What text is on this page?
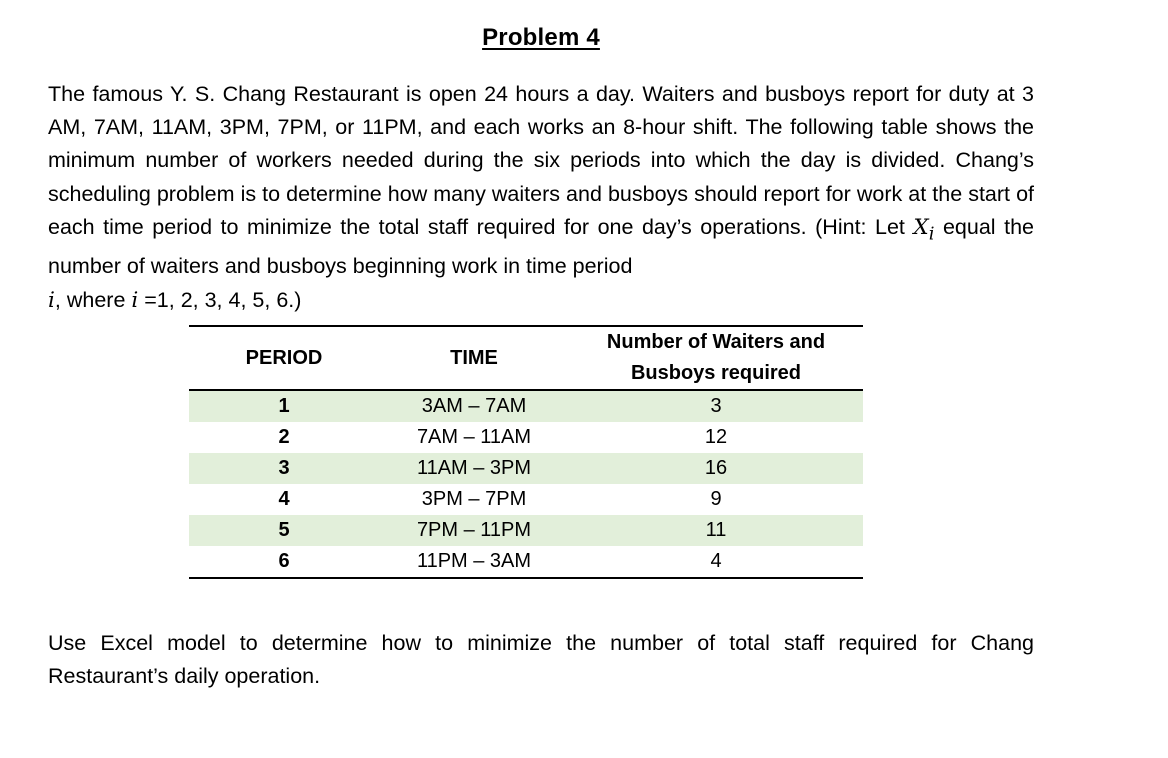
Problem 4
The famous Y. S. Chang Restaurant is open 24 hours a day. Waiters and busboys report for duty at 3 AM, 7AM, 11AM, 3PM, 7PM, or 11PM, and each works an 8-hour shift. The following table shows the minimum number of workers needed during the six periods into which the day is divided. Chang’s scheduling problem is to determine how many waiters and busboys should report for work at the start of each time period to minimize the total staff required for one day’s operations. (Hint: Let $X_i$ equal the number of waiters and busboys beginning work in time period
i, where i =1, 2, 3, 4, 5, 6.)
PERIOD	TIME	Number of Waiters and
Busboys required
1	3AM – 7AM	3
2	7AM – 11AM	12
3	11AM – 3PM	16
4	3PM – 7PM	9
5	7PM – 11PM	11
6	11PM – 3AM	4
Use Excel model to determine how to minimize the number of total staff required for Chang Restaurant’s daily operation.
